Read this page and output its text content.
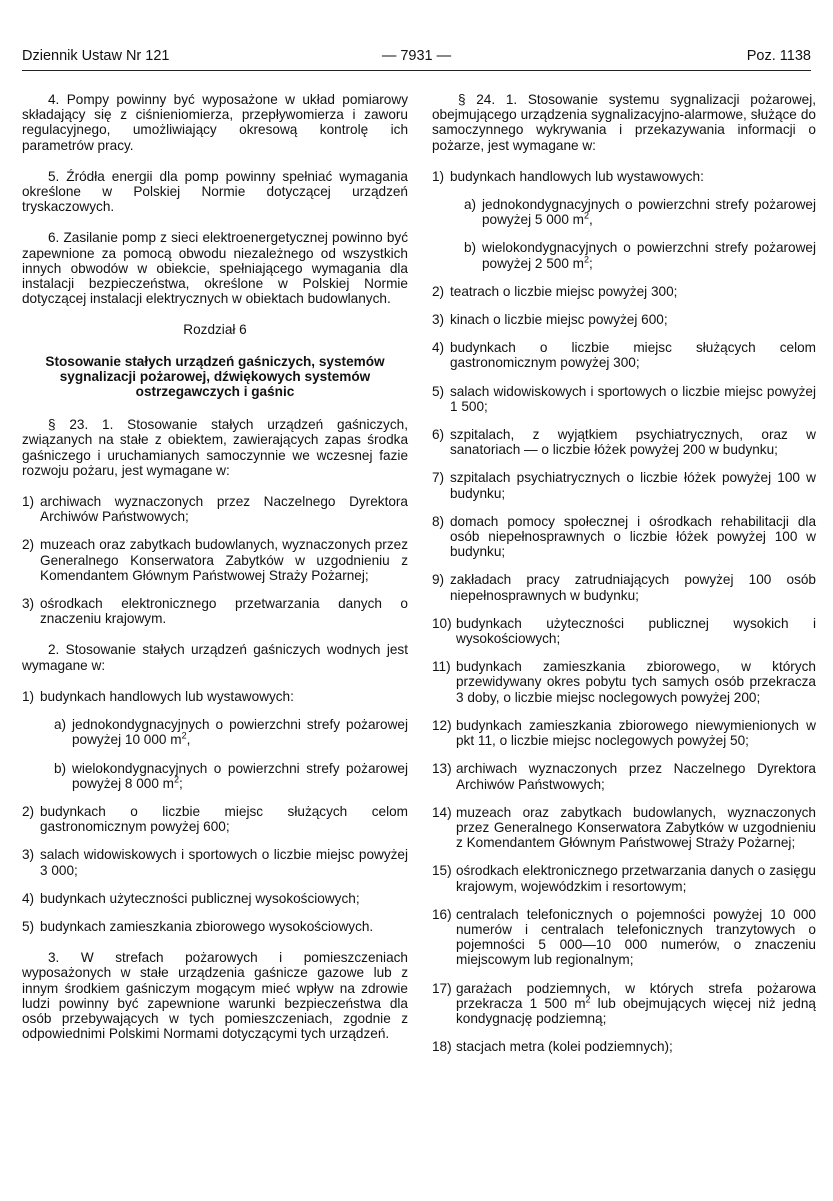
Dziennik Ustaw Nr 121	— 7931 —	Poz. 1138

4. Pompy powinny być wyposażone w układ pomiarowy składający się z ciśnieniomierza, przepływomierza i zaworu regulacyjnego, umożliwiający okresową kontrolę ich parametrów pracy.

5. Źródła energii dla pomp powinny spełniać wymagania określone w Polskiej Normie dotyczącej urządzeń tryskaczowych.

6. Zasilanie pomp z sieci elektroenergetycznej powinno być zapewnione za pomocą obwodu niezależnego od wszystkich innych obwodów w obiekcie, spełniającego wymagania dla instalacji bezpieczeństwa, określone w Polskiej Normie dotyczącej instalacji elektrycznych w obiektach budowlanych.

Rozdział 6
Stosowanie stałych urządzeń gaśniczych, systemów sygnalizacji pożarowej, dźwiękowych systemów ostrzegawczych i gaśnic

§ 23. 1. Stosowanie stałych urządzeń gaśniczych, związanych na stałe z obiektem, zawierających zapas środka gaśniczego i uruchamianych samoczynnie we wczesnej fazie rozwoju pożaru, jest wymagane w:

1) archiwach wyznaczonych przez Naczelnego Dyrektora Archiwów Państwowych;
2) muzeach oraz zabytkach budowlanych, wyznaczonych przez Generalnego Konserwatora Zabytków w uzgodnieniu z Komendantem Głównym Państwowej Straży Pożarnej;
3) ośrodkach elektronicznego przetwarzania danych o znaczeniu krajowym.

2. Stosowanie stałych urządzeń gaśniczych wodnych jest wymagane w:

1) budynkach handlowych lub wystawowych:
a) jednokondygnacyjnych o powierzchni strefy pożarowej powyżej 10 000 $m^2$,
b) wielokondygnacyjnych o powierzchni strefy pożarowej powyżej 8 000 $m^2$;
2) budynkach o liczbie miejsc służących celom gastronomicznym powyżej 600;
3) salach widowiskowych i sportowych o liczbie miejsc powyżej 3 000;
4) budynkach użyteczności publicznej wysokościowych;
5) budynkach zamieszkania zbiorowego wysokościowych.

3. W strefach pożarowych i pomieszczeniach wyposażonych w stałe urządzenia gaśnicze gazowe lub z innym środkiem gaśniczym mogącym mieć wpływ na zdrowie ludzi powinny być zapewnione warunki bezpieczeństwa dla osób przebywających w tych pomieszczeniach, zgodnie z odpowiednimi Polskimi Normami dotyczącymi tych urządzeń.

§ 24. 1. Stosowanie systemu sygnalizacji pożarowej, obejmującego urządzenia sygnalizacyjno-alarmowe, służące do samoczynnego wykrywania i przekazywania informacji o pożarze, jest wymagane w:

1) budynkach handlowych lub wystawowych:
a) jednokondygnacyjnych o powierzchni strefy pożarowej powyżej 5 000 $m^2$,
b) wielokondygnacyjnych o powierzchni strefy pożarowej powyżej 2 500 $m^2$;
2) teatrach o liczbie miejsc powyżej 300;
3) kinach o liczbie miejsc powyżej 600;
4) budynkach o liczbie miejsc służących celom gastronomicznym powyżej 300;
5) salach widowiskowych i sportowych o liczbie miejsc powyżej 1 500;
6) szpitalach, z wyjątkiem psychiatrycznych, oraz w sanatoriach — o liczbie łóżek powyżej 200 w budynku;
7) szpitalach psychiatrycznych o liczbie łóżek powyżej 100 w budynku;
8) domach pomocy społecznej i ośrodkach rehabilitacji dla osób niepełnosprawnych o liczbie łóżek powyżej 100 w budynku;
9) zakładach pracy zatrudniających powyżej 100 osób niepełnosprawnych w budynku;
10) budynkach użyteczności publicznej wysokich i wysokościowych;
11) budynkach zamieszkania zbiorowego, w których przewidywany okres pobytu tych samych osób przekracza 3 doby, o liczbie miejsc noclegowych powyżej 200;
12) budynkach zamieszkania zbiorowego niewymienionych w pkt 11, o liczbie miejsc noclegowych powyżej 50;
13) archiwach wyznaczonych przez Naczelnego Dyrektora Archiwów Państwowych;
14) muzeach oraz zabytkach budowlanych, wyznaczonych przez Generalnego Konserwatora Zabytków w uzgodnieniu z Komendantem Głównym Państwowej Straży Pożarnej;
15) ośrodkach elektronicznego przetwarzania danych o zasięgu krajowym, wojewódzkim i resortowym;
16) centralach telefonicznych o pojemności powyżej 10 000 numerów i centralach telefonicznych tranzytowych o pojemności 5 000—10 000 numerów, o znaczeniu miejscowym lub regionalnym;
17) garażach podziemnych, w których strefa pożarowa przekracza 1 500 $m^2$ lub obejmujących więcej niż jedną kondygnację podziemną;
18) stacjach metra (kolei podziemnych);
